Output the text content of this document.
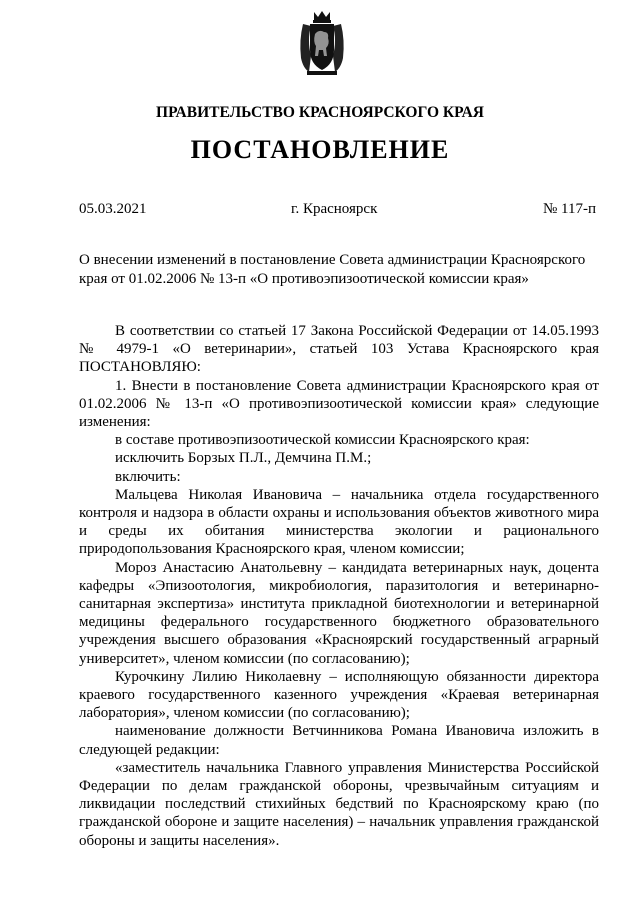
ПРАВИТЕЛЬСТВО КРАСНОЯРСКОГО КРАЯ
ПОСТАНОВЛЕНИЕ
05.03.2021	г. Красноярск	№ 117-п
О внесении изменений в постановление Совета администрации Красноярского края от 01.02.2006 № 13-п «О противоэпизоотической комиссии края»

В соответствии со статьей 17 Закона Российской Федерации от 14.05.1993 № 4979-1 «О ветеринарии», статьей 103 Устава Красноярского края ПОСТАНОВЛЯЮ:

1. Внести в постановление Совета администрации Красноярского края от 01.02.2006 № 13-п «О противоэпизоотической комиссии края» следующие изменения:

в составе противоэпизоотической комиссии Красноярского края:

исключить Борзых П.Л., Демчина П.М.;

включить:

Мальцева Николая Ивановича – начальника отдела государственного контроля и надзора в области охраны и использования объектов животного мира и среды их обитания министерства экологии и рационального природопользования Красноярского края, членом комиссии;

Мороз Анастасию Анатольевну – кандидата ветеринарных наук, доцента кафедры «Эпизоотология, микробиология, паразитология и ветеринарно-санитарная экспертиза» института прикладной биотехнологии и ветеринарной медицины федерального государственного бюджетного образовательного учреждения высшего образования «Красноярский государственный аграрный университет», членом комиссии (по согласованию);

Курочкину Лилию Николаевну – исполняющую обязанности директора краевого государственного казенного учреждения «Краевая ветеринарная лаборатория», членом комиссии (по согласованию);

наименование должности Ветчинникова Романа Ивановича изложить в следующей редакции:

«заместитель начальника Главного управления Министерства Российской Федерации по делам гражданской обороны, чрезвычайным ситуациям и ликвидации последствий стихийных бедствий по Красноярскому краю (по гражданской обороне и защите населения) – начальник управления гражданской обороны и защиты населения».
